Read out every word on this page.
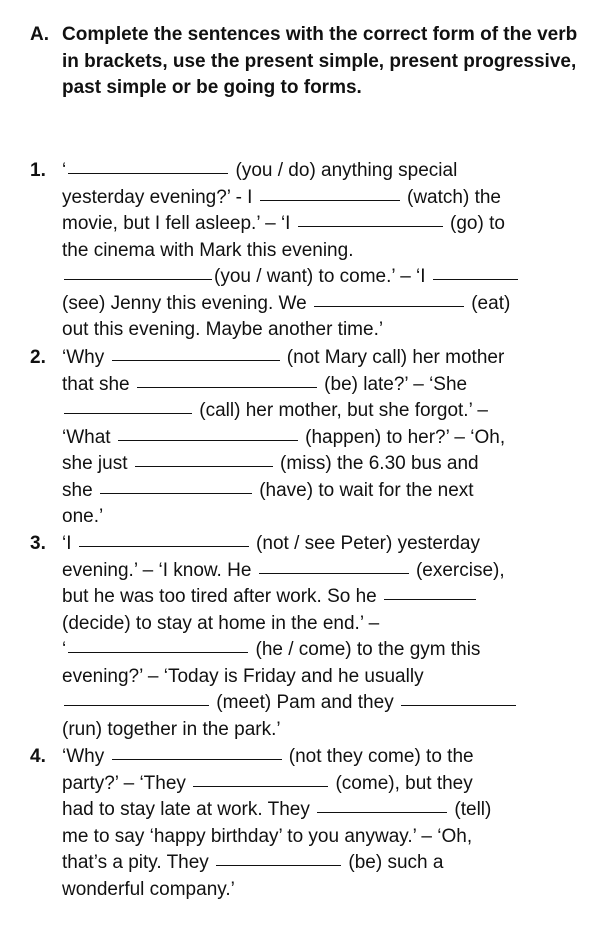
A. Complete the sentences with the correct form of the verb in brackets, use the present simple, present progressive, past simple or be going to forms.
1. ‘	(you / do) anything special
yesterday evening?’ - I	(watch) the
movie, but I fell asleep.’ – ‘I	(go) to
the cinema with Mark this evening.
(you / want) to come.’ – ‘I
(see) Jenny this evening. We	(eat)
out this evening. Maybe another time.’
2. ‘Why	(not Mary call) her mother
that she	(be) late?’ – ‘She
(call) her mother, but she forgot.’ –
‘What	(happen) to her?’ – ‘Oh,
she just	(miss) the 6.30 bus and
she	(have) to wait for the next
one.’
3. ‘I	(not / see Peter) yesterday
evening.’ – ‘I know. He	(exercise),
but he was too tired after work. So he
(decide) to stay at home in the end.’ –
‘	(he / come) to the gym this
evening?’ – ‘Today is Friday and he usually
(meet) Pam and they
(run) together in the park.’
4. ‘Why	(not they come) to the
party?’ – ‘They	(come), but they
had to stay late at work. They	(tell)
me to say ‘happy birthday’ to you anyway.’ – ‘Oh,
that’s a pity. They	(be) such a
wonderful company.’
